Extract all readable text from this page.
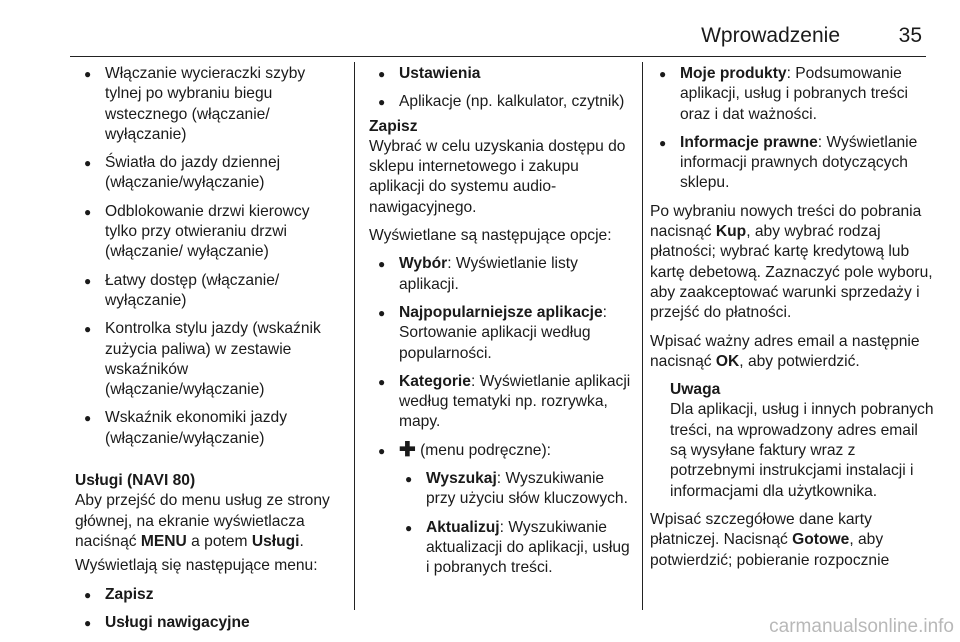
Wprowadzenie	35
● Włączanie wycieraczki szyby tylnej po wybraniu biegu wstecznego (włączanie/ wyłączanie)
● Światła do jazdy dziennej (włączanie/wyłączanie)
● Odblokowanie drzwi kierowcy tylko przy otwieraniu drzwi (włączanie/ wyłączanie)
● Łatwy dostęp (włączanie/ wyłączanie)
● Kontrolka stylu jazdy (wskaźnik zużycia paliwa) w zestawie wskaźników (włączanie/wyłączanie)
● Wskaźnik ekonomiki jazdy (włączanie/wyłączanie)

Usługi (NAVI 80)
Aby przejść do menu usług ze strony głównej, na ekranie wyświetlacza naciśnąć MENU a potem Usługi.

Wyświetlają się następujące menu:

● Zapisz
● Usługi nawigacyjne
● Ustawienia
● Aplikacje (np. kalkulator, czytnik)

Zapisz
Wybrać w celu uzyskania dostępu do sklepu internetowego i zakupu aplikacji do systemu audio- nawigacyjnego.

Wyświetlane są następujące opcje:

● Wybór: Wyświetlanie listy aplikacji.
● Najpopularniejsze aplikacje: Sortowanie aplikacji według popularności.
● Kategorie: Wyświetlanie aplikacji według tematyki np. rozrywka, mapy.
● ✚ (menu podręczne):
● Wyszukaj: Wyszukiwanie przy użyciu słów kluczowych.
● Aktualizuj: Wyszukiwanie aktualizacji do aplikacji, usług i pobranych treści.
● Moje produkty: Podsumowanie aplikacji, usług i pobranych treści oraz i dat ważności.
● Informacje prawne: Wyświetlanie informacji prawnych dotyczących sklepu.

Po wybraniu nowych treści do pobrania nacisnąć Kup, aby wybrać rodzaj płatności; wybrać kartę kredytową lub kartę debetową. Zaznaczyć pole wyboru, aby zaakceptować warunki sprzedaży i przejść do płatności.

Wpisać ważny adres email a następnie nacisnąć OK, aby potwierdzić.

Uwaga
Dla aplikacji, usług i innych pobranych treści, na wprowadzony adres email są wysyłane faktury wraz z potrzebnymi instrukcjami instalacji i informacjami dla użytkownika.

Wpisać szczegółowe dane karty płatniczej. Nacisnąć Gotowe, aby potwierdzić; pobieranie rozpocznie

carmanualsonline.info
